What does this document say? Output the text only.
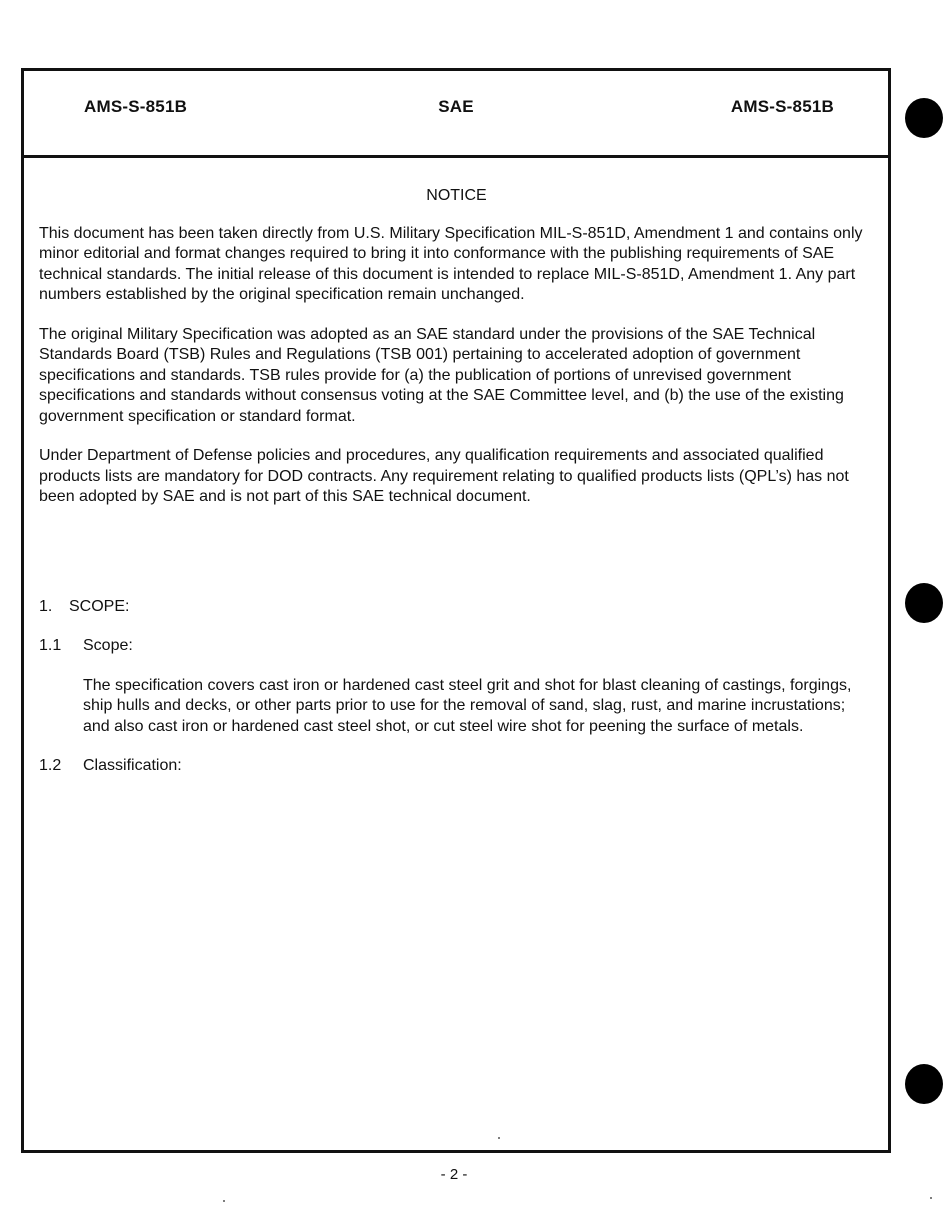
AMS-S-851B	SAE	AMS-S-851B
NOTICE

This document has been taken directly from U.S. Military Specification MIL-S-851D, Amendment 1 and contains only minor editorial and format changes required to bring it into conformance with the publishing requirements of SAE technical standards. The initial release of this document is intended to replace MIL-S-851D, Amendment 1. Any part numbers established by the original specification remain unchanged.

The original Military Specification was adopted as an SAE standard under the provisions of the SAE Technical Standards Board (TSB) Rules and Regulations (TSB 001) pertaining to accelerated adoption of government specifications and standards. TSB rules provide for (a) the publication of portions of unrevised government specifications and standards without consensus voting at the SAE Committee level, and (b) the use of the existing government specification or standard format.

Under Department of Defense policies and procedures, any qualification requirements and associated qualified products lists are mandatory for DOD contracts. Any requirement relating to qualified products lists (QPL’s) has not been adopted by SAE and is not part of this SAE technical document.

1. SCOPE:
1.1 Scope:

The specification covers cast iron or hardened cast steel grit and shot for blast cleaning of castings, forgings, ship hulls and decks, or other parts prior to use for the removal of sand, slag, rust, and marine incrustations; and also cast iron or hardened cast steel shot, or cut steel wire shot for peening the surface of metals.

1.2 Classification:
- 2 -
